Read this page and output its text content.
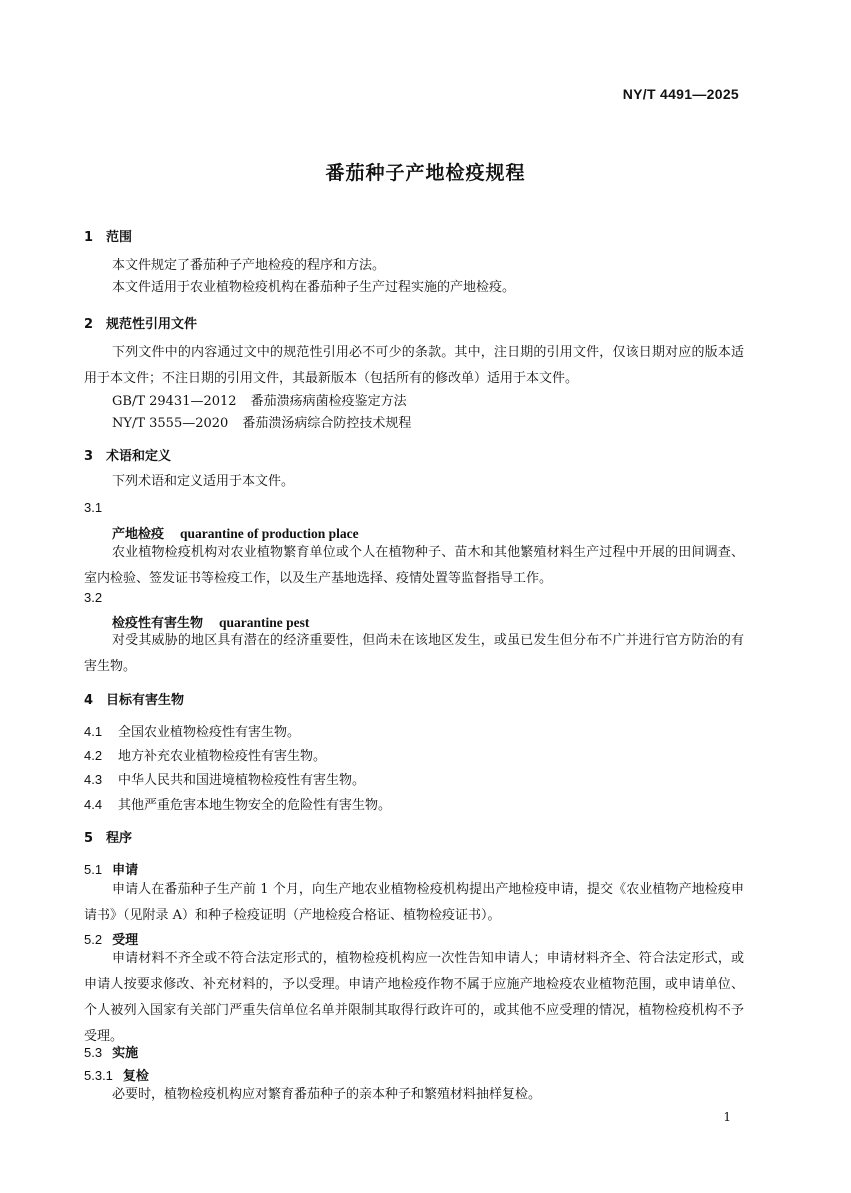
NY/T 4491—2025
番茄种子产地检疫规程
1 范围
本文件规定了番茄种子产地检疫的程序和方法。
本文件适用于农业植物检疫机构在番茄种子生产过程实施的产地检疫。
2 规范性引用文件
下列文件中的内容通过文中的规范性引用必不可少的条款。其中，注日期的引用文件，仅该日期对应的版本适用于本文件；不注日期的引用文件，其最新版本（包括所有的修改单）适用于本文件。
GB/T 29431—2012 番茄溃疡病菌检疫鉴定方法
NY/T 3555—2020 番茄溃汤病综合防控技术规程
3 术语和定义
下列术语和定义适用于本文件。
3.1
产地检疫 quarantine of production place
农业植物检疫机构对农业植物繁育单位或个人在植物种子、苗木和其他繁殖材料生产过程中开展的田间调查、室内检验、签发证书等检疫工作，以及生产基地选择、疫情处置等监督指导工作。
3.2
检疫性有害生物 quarantine pest
对受其威胁的地区具有潜在的经济重要性，但尚未在该地区发生，或虽已发生但分布不广并进行官方防治的有害生物。
4 目标有害生物
4.1 全国农业植物检疫性有害生物。
4.2 地方补充农业植物检疫性有害生物。
4.3 中华人民共和国进境植物检疫性有害生物。
4.4 其他严重危害本地生物安全的危险性有害生物。
5 程序
5.1 申请
申请人在番茄种子生产前 1 个月，向生产地农业植物检疫机构提出产地检疫申请，提交《农业植物产地检疫申请书》（见附录 A）和种子检疫证明（产地检疫合格证、植物检疫证书）。
5.2 受理
申请材料不齐全或不符合法定形式的，植物检疫机构应一次性告知申请人；申请材料齐全、符合法定形式，或申请人按要求修改、补充材料的，予以受理。申请产地检疫作物不属于应施产地检疫农业植物范围，或申请单位、个人被列入国家有关部门严重失信单位名单并限制其取得行政许可的，或其他不应受理的情况，植物检疫机构不予受理。
5.3 实施
5.3.1 复检
必要时，植物检疫机构应对繁育番茄种子的亲本种子和繁殖材料抽样复检。
1
